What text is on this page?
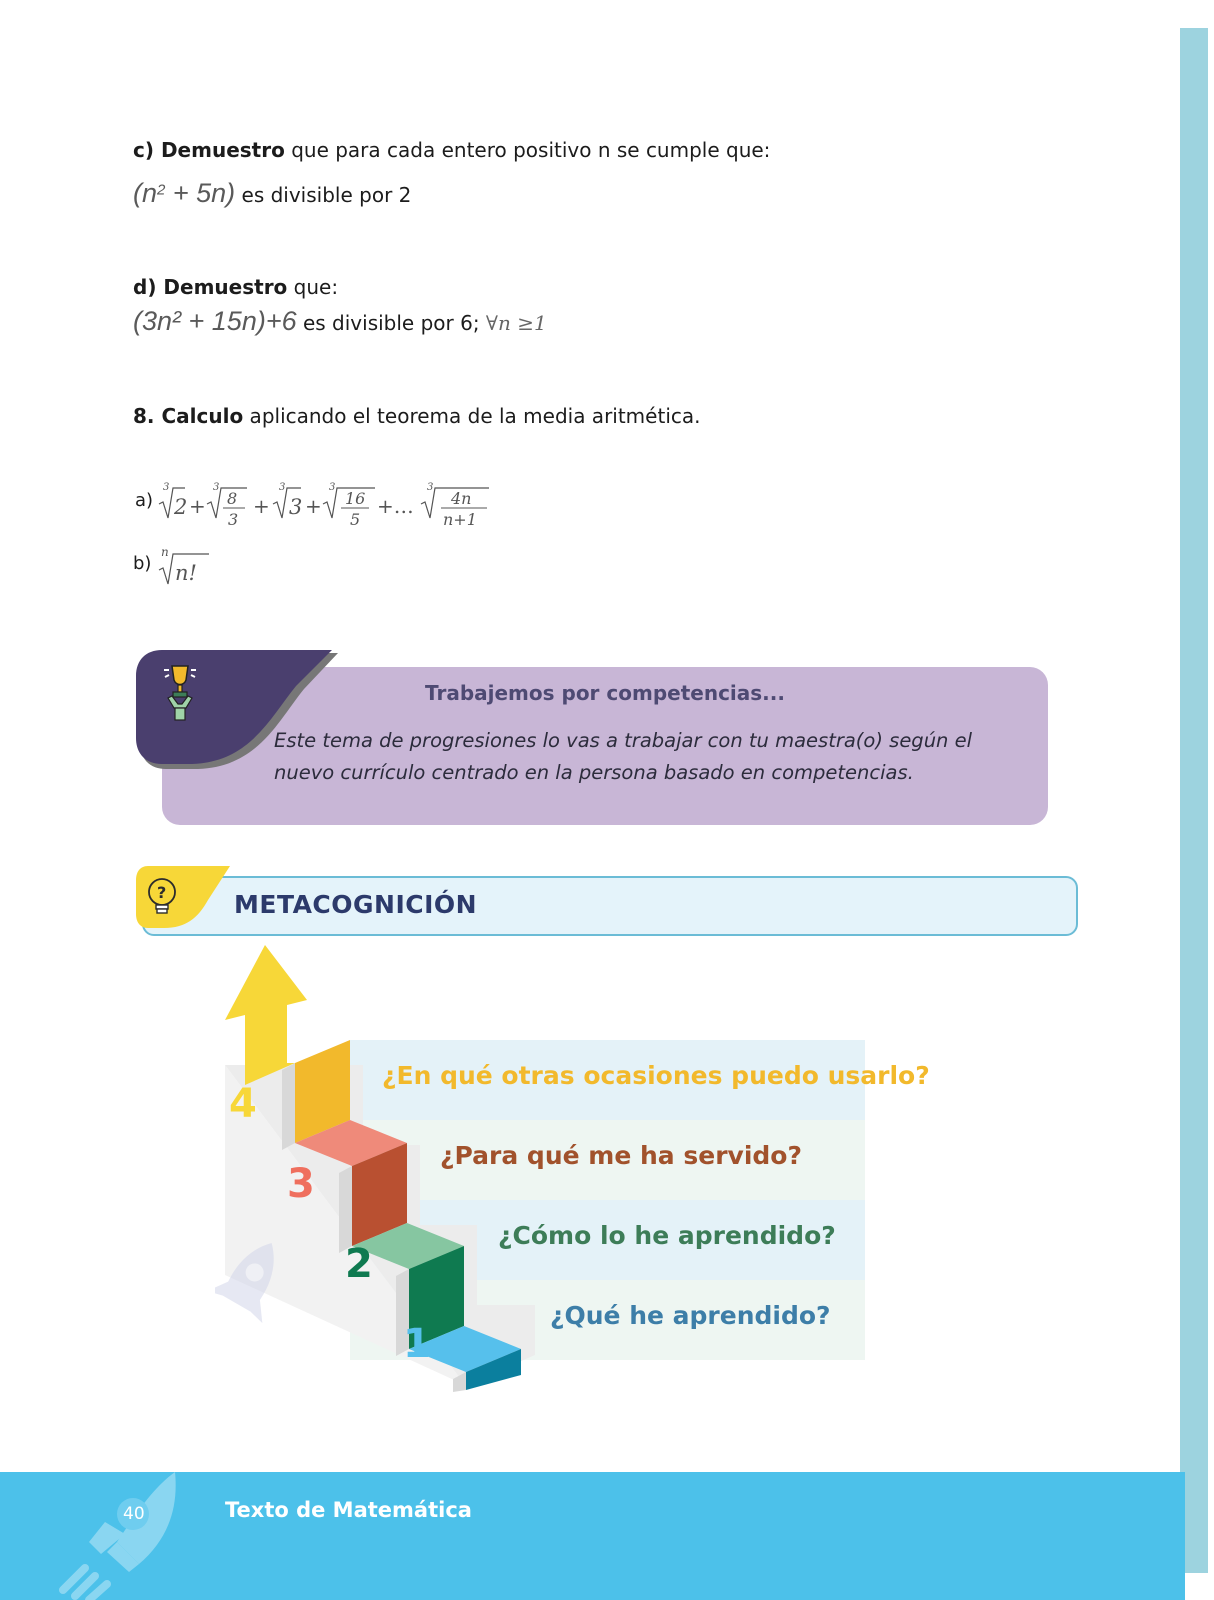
c) Demuestro que para cada entero positivo n se cumple que:
$(n^2 + 5n)$ es divisible por 2
d) Demuestro que:
(3n² + 15n)+6 es divisible por 6; ∀n ≥1
8. Calculo aplicando el teorema de la media aritmética.
a)
b)
3
2 +
3
8
3
+
3
3 +
3
16
5
+…
3
4n
n+1
n
n!
Trabajemos por competencias...
Este tema de progresiones lo vas a trabajar con tu maestra(o) según el nuevo currículo centrado en la persona basado en competencias.
?	METACOGNICIÓN
4
3
2
1
¿En qué otras ocasiones puedo usarlo?
¿Para qué me ha servido?
¿Cómo lo he aprendido?
¿Qué he aprendido?
40	Texto de Matemática
